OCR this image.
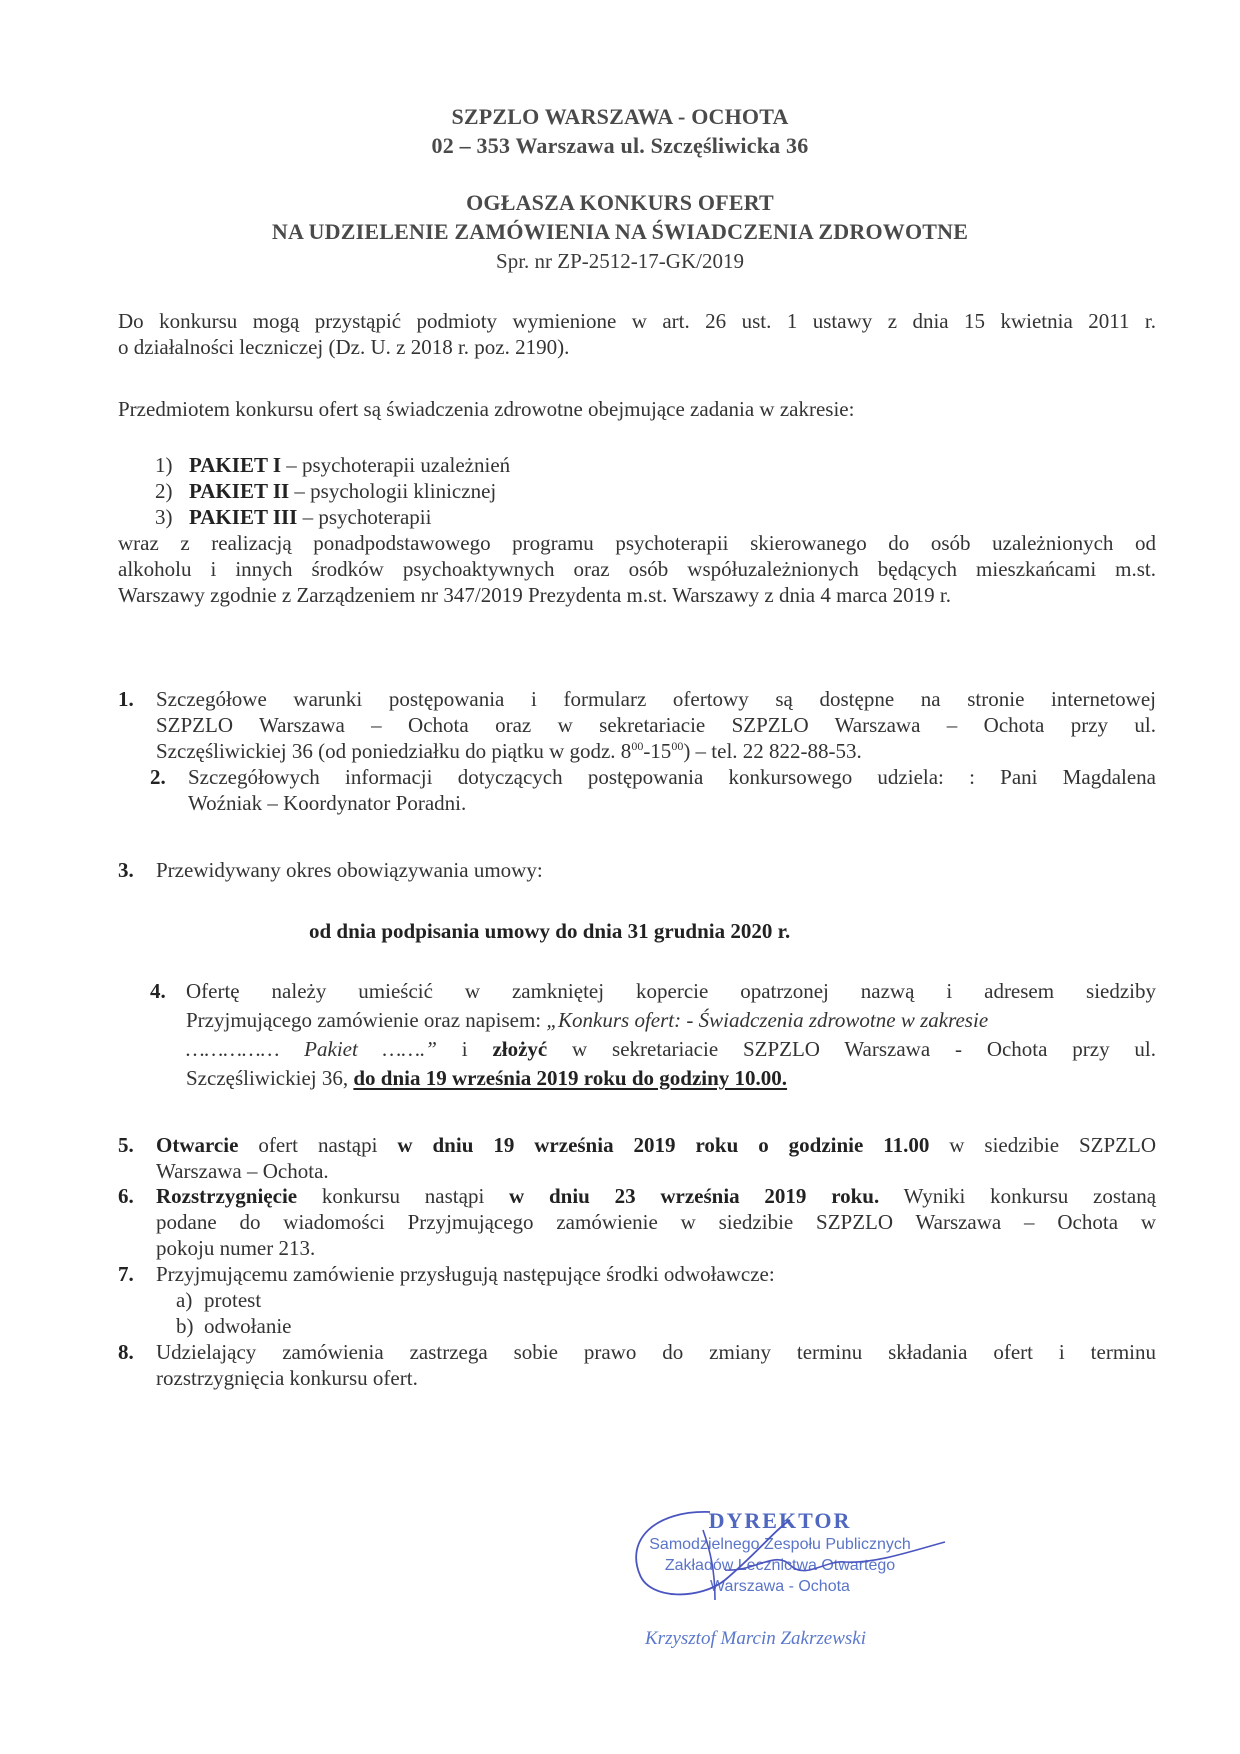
SZPZLO WARSZAWA - OCHOTA
02 – 353 Warszawa ul. Szczęśliwicka 36
OGŁASZA KONKURS OFERT
NA UDZIELENIE ZAMÓWIENIA NA ŚWIADCZENIA ZDROWOTNE
Spr. nr ZP-2512-17-GK/2019
Do konkursu mogą przystąpić podmioty wymienione w art. 26 ust. 1 ustawy z dnia 15 kwietnia 2011 r.
o działalności leczniczej (Dz. U. z 2018 r. poz. 2190).
Przedmiotem konkursu ofert są świadczenia zdrowotne obejmujące zadania w zakresie:
1) PAKIET I – psychoterapii uzależnień
2) PAKIET II – psychologii klinicznej
3) PAKIET III – psychoterapii
wraz z realizacją ponadpodstawowego programu psychoterapii skierowanego do osób uzależnionych od
alkoholu i innych środków psychoaktywnych oraz osób współuzależnionych będących mieszkańcami m.st.
Warszawy zgodnie z Zarządzeniem nr 347/2019 Prezydenta m.st. Warszawy z dnia 4 marca 2019 r.
1. Szczegółowe warunki postępowania i formularz ofertowy są dostępne na stronie internetowej
SZPZLO Warszawa – Ochota oraz w sekretariacie SZPZLO Warszawa – Ochota przy ul.
Szczęśliwickiej 36 (od poniedziałku do piątku w godz. $8^{00}-15^{00}$) – tel. 22 822-88-53.
2. Szczegółowych informacji dotyczących postępowania konkursowego udziela: : Pani Magdalena
Woźniak – Koordynator Poradni.
3. Przewidywany okres obowiązywania umowy:
od dnia podpisania umowy do dnia 31 grudnia 2020 r.
4. Ofertę należy umieścić w zamkniętej kopercie opatrzonej nazwą i adresem siedziby
Przyjmującego zamówienie oraz napisem: „Konkurs ofert: - Świadczenia zdrowotne w zakresie
…………… Pakiet …….” i złożyć w sekretariacie SZPZLO Warszawa - Ochota przy ul.
Szczęśliwickiej 36, do dnia 19 września 2019 roku do godziny 10.00.
5. Otwarcie ofert nastąpi w dniu 19 września 2019 roku o godzinie 11.00 w siedzibie SZPZLO
Warszawa – Ochota.
6. Rozstrzygnięcie konkursu nastąpi w dniu 23 września 2019 roku. Wyniki konkursu zostaną
podane do wiadomości Przyjmującego zamówienie w siedzibie SZPZLO Warszawa – Ochota w
pokoju numer 213.
7. Przyjmującemu zamówienie przysługują następujące środki odwoławcze:
a) protest
b) odwołanie
8. Udzielający zamówienia zastrzega sobie prawo do zmiany terminu składania ofert i terminu
rozstrzygnięcia konkursu ofert.
DYREKTOR
Samodzielnego Zespołu Publicznych
Zakładów Lecznictwa Otwartego
Warszawa - Ochota
Krzysztof Marcin Zakrzewski
